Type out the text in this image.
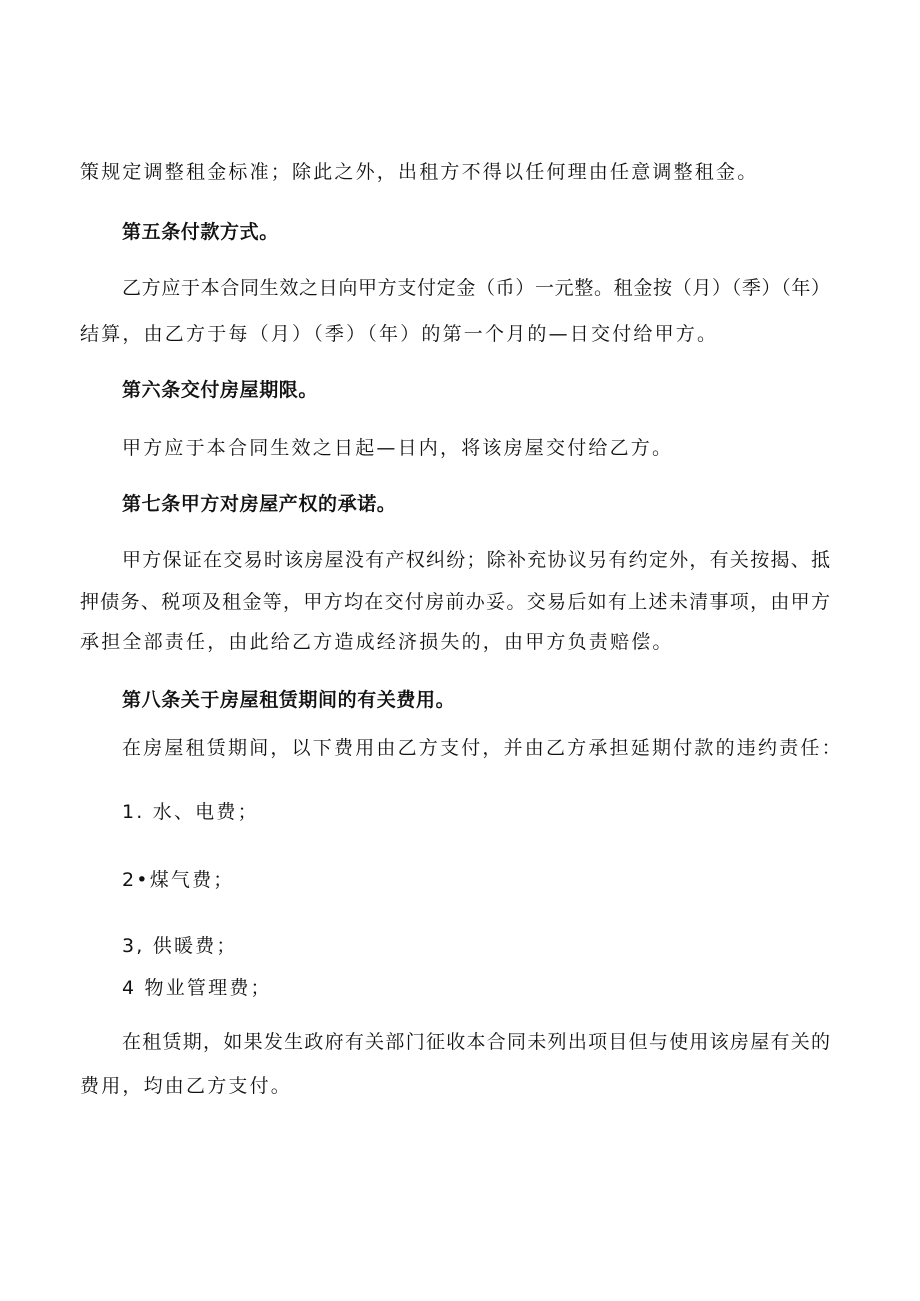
策规定调整租金标准；除此之外，出租方不得以任何理由任意调整租金。
第五条付款方式。
乙方应于本合同生效之日向甲方支付定金（币）一元整。租金按（月）（季）（年）
结算，由乙方于每（月）（季）（年）的第一个月的—日交付给甲方。
第六条交付房屋期限。
甲方应于本合同生效之日起—日内，将该房屋交付给乙方。
第七条甲方对房屋产权的承诺。
甲方保证在交易时该房屋没有产权纠纷；除补充协议另有约定外，有关按揭、抵
押债务、税项及租金等，甲方均在交付房前办妥。交易后如有上述未清事项，由甲方
承担全部责任，由此给乙方造成经济损失的，由甲方负责赔偿。
第八条关于房屋租赁期间的有关费用。
在房屋租赁期间，以下费用由乙方支付，并由乙方承担延期付款的违约责任：
1. 水、电费；
2•煤气费；
3, 供暖费；
4 物业管理费；
在租赁期，如果发生政府有关部门征收本合同未列出项目但与使用该房屋有关的
费用，均由乙方支付。
